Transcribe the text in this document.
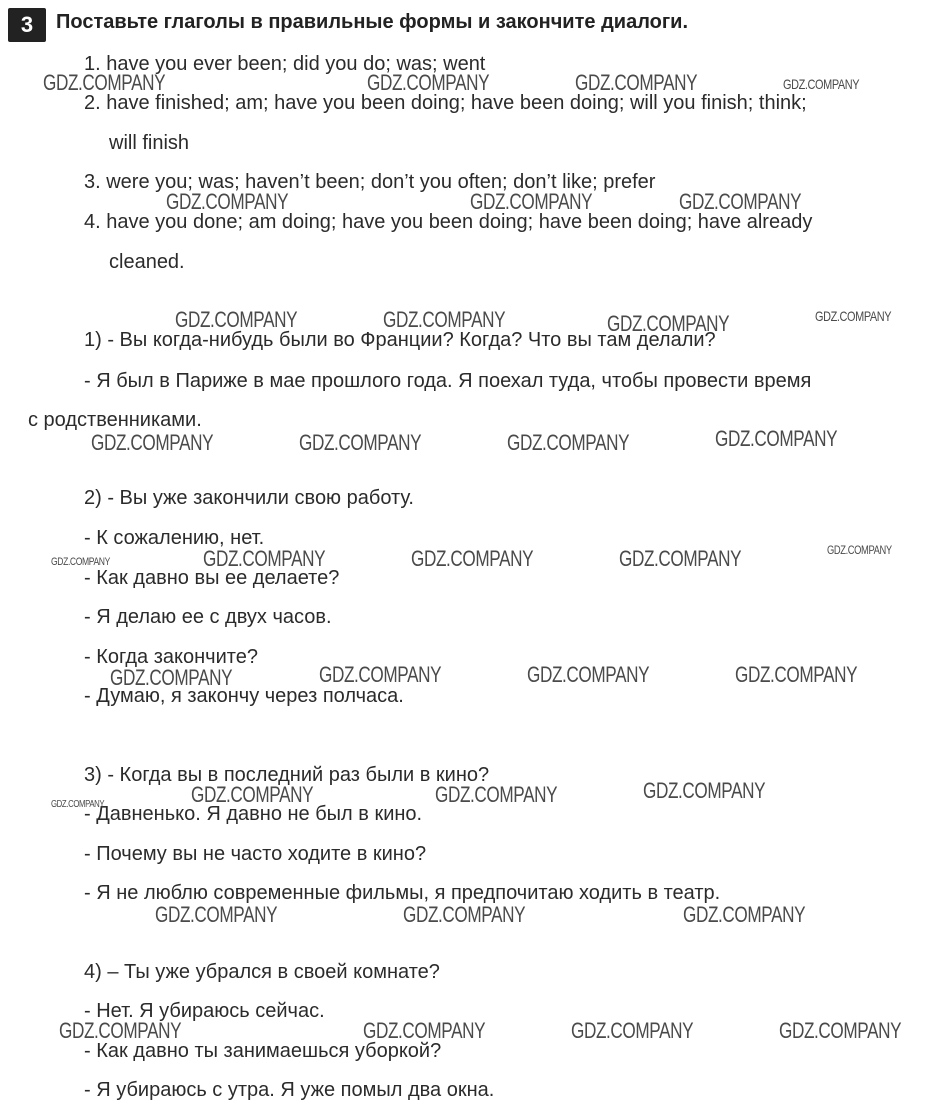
3	Поставьте глаголы в правильные формы и закончите диалоги.
1. have you ever been; did you do; was; went
2. have finished; am; have you been doing; have been doing; will you finish; think;
will finish
3. were you; was; haven’t been; don’t you often; don’t like; prefer
4. have you done; am doing; have you been doing; have been doing; have already
cleaned.
1) - Вы когда-нибудь были во Франции? Когда? Что вы там делали?
- Я был в Париже в мае прошлого года. Я поехал туда, чтобы провести время
с родственниками.
2) - Вы уже закончили свою работу.
- К сожалению, нет.
- Как давно вы ее делаете?
- Я делаю ее с двух часов.
- Когда закончите?
- Думаю, я закончу через полчаса.
3) - Когда вы в последний раз были в кино?
- Давненько. Я давно не был в кино.
- Почему вы не часто ходите в кино?
- Я не люблю современные фильмы, я предпочитаю ходить в театр.
4) – Ты уже убрался в своей комнате?
- Нет. Я убираюсь сейчас.
- Как давно ты занимаешься уборкой?
- Я убираюсь с утра. Я уже помыл два окна.
GDZ.COMPANY	GDZ.COMPANY	GDZ.COMPANY	GDZ.COMPANY
GDZ.COMPANY	GDZ.COMPANY	GDZ.COMPANY
GDZ.COMPANY	GDZ.COMPANY	GDZ.COMPANY	GDZ.COMPANY
GDZ.COMPANY	GDZ.COMPANY	GDZ.COMPANY	GDZ.COMPANY
GDZ.COMPANY	GDZ.COMPANY	GDZ.COMPANY	GDZ.COMPANY	GDZ.COMPANY
GDZ.COMPANY	GDZ.COMPANY	GDZ.COMPANY	GDZ.COMPANY
GDZ.COMPANY	GDZ.COMPANY	GDZ.COMPANY	GDZ.COMPANY
GDZ.COMPANY	GDZ.COMPANY	GDZ.COMPANY
GDZ.COMPANY	GDZ.COMPANY	GDZ.COMPANY	GDZ.COMPANY
